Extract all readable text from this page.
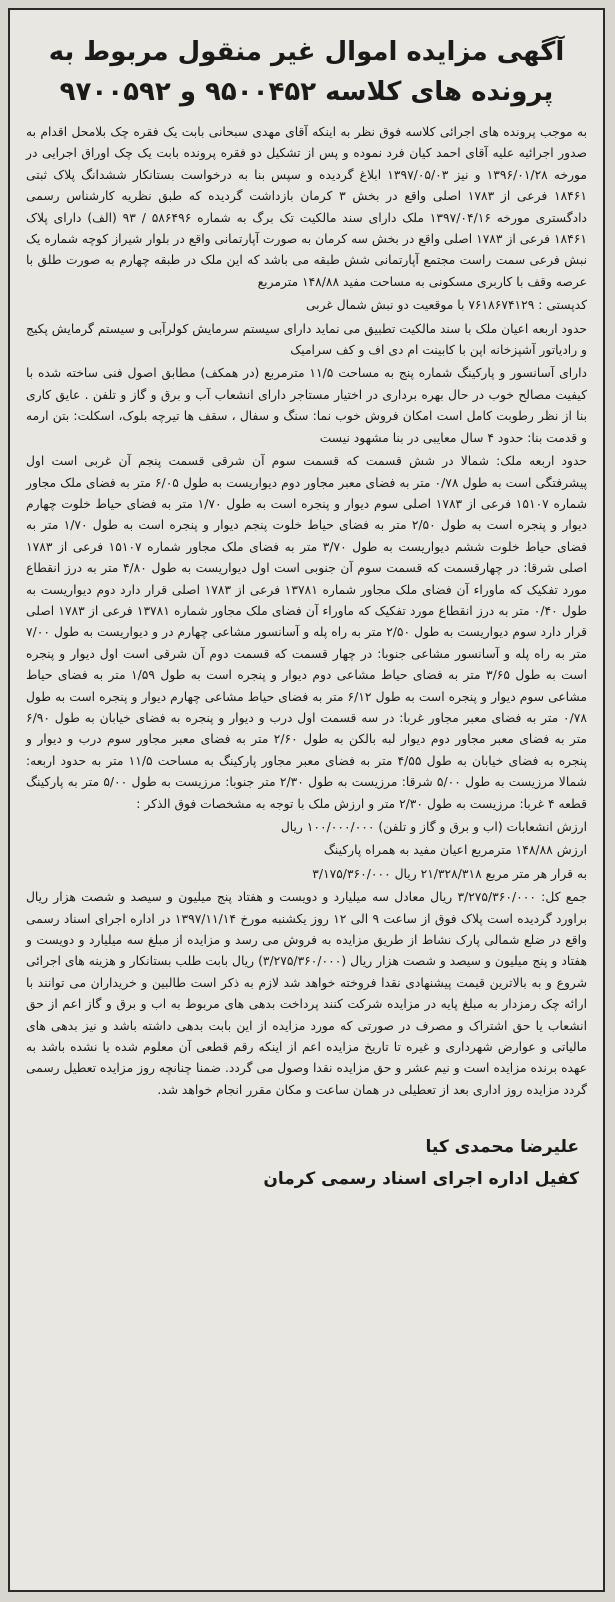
آگهی مزایده اموال غیر منقول مربوط به پرونده های کلاسه ۹۵۰۰۴۵۲ و ۹۷۰۰۵۹۲

به موجب پرونده های اجرائی کلاسه فوق نظر به اینکه آقای مهدی سبحانی بابت یک فقره چک بلامحل اقدام به صدور اجرائیه علیه آقای احمد کیان فرد نموده و پس از تشکیل دو فقره پرونده بابت یک چک اوراق اجرایی در مورخه ۱۳۹۶/۰۱/۲۸ و نیز ۱۳۹۷/۰۵/۰۳ ابلاغ گردیده و سپس بنا به درخواست بستانکار ششدانگ پلاک ثبتی ۱۸۴۶۱ فرعی از ۱۷۸۳ اصلی واقع در بخش ۳ کرمان بازداشت گردیده که طبق نظریه کارشناس رسمی دادگستری مورخه ۱۳۹۷/۰۴/۱۶ ملک دارای سند مالکیت تک برگ به شماره ۵۸۶۴۹۶ / ۹۳ (الف) دارای پلاک ۱۸۴۶۱ فرعی از ۱۷۸۳ اصلی واقع در بخش سه کرمان به صورت آپارتمانی واقع در بلوار شیراز کوچه شماره یک نبش فرعی سمت راست مجتمع آپارتمانی شش طبقه می باشد که این ملک در طبقه چهارم به صورت طلق با عرصه وقف با کاربری مسکونی به مساحت مفید ۱۴۸/۸۸ مترمربع

کدپستی : ۷۶۱۸۶۷۴۱۲۹ با موقعیت دو نبش شمال غربی

حدود اربعه اعیان ملک با سند مالکیت تطبیق می نماید دارای سیستم سرمایش کولرآبی و سیستم گرمایش پکیج و رادیاتور آشپزخانه اپن با کابینت ام دی اف و کف سرامیک

دارای آسانسور و پارکینگ شماره پنج به مساحت ۱۱/۵ مترمربع (در همکف) مطابق اصول فنی ساخته شده با کیفیت مصالح خوب در حال بهره برداری در اختیار مستاجر دارای انشعاب آب و برق و گاز و تلفن . عایق کاری بنا از نظر رطوبت کامل است امکان فروش خوب نما: سنگ و سفال ، سقف ها تیرچه بلوک، اسکلت: بتن ارمه و قدمت بنا: حدود ۴ سال معایبی در بنا مشهود نیست

حدود اربعه ملک: شمالا در شش قسمت که قسمت سوم آن شرقی قسمت پنجم آن غربی است اول پیشرفتگی است به طول ۰/۷۸ متر به فضای معبر مجاور دوم دیواریست به طول ۶/۰۵ متر به فضای ملک مجاور شماره ۱۵۱۰۷ فرعی از ۱۷۸۳ اصلی سوم دیوار و پنجره است به طول ۱/۷۰ متر به فضای حیاط خلوت چهارم دیوار و پنجره است به طول ۲/۵۰ متر به فضای حیاط خلوت پنجم دیوار و پنجره است به طول ۱/۷۰ متر به فضای حیاط خلوت ششم دیواریست به طول ۳/۷۰ متر به فضای ملک مجاور شماره ۱۵۱۰۷ فرعی از ۱۷۸۳ اصلی شرقا: در چهارقسمت که قسمت سوم آن جنوبی است اول دیواریست به طول ۴/۸۰ متر به درز انقطاع مورد تفکیک که ماوراء آن فضای ملک مجاور شماره ۱۳۷۸۱ فرعی از ۱۷۸۳ اصلی قرار دارد دوم دیواریست به طول ۰/۴۰ متر به درز انقطاع مورد تفکیک که ماوراء آن فضای ملک مجاور شماره ۱۳۷۸۱ فرعی از ۱۷۸۳ اصلی قرار دارد سوم دیواریست به طول ۲/۵۰ متر به راه پله و آسانسور مشاعی چهارم در و دیواریست به طول ۷/۰۰ متر به راه پله و آسانسور مشاعی جنوبا: در چهار قسمت که قسمت دوم آن شرقی است اول دیوار و پنجره است به طول ۳/۶۵ متر به فضای حیاط مشاعی دوم دیوار و پنجره است به طول ۱/۵۹ متر به فضای حیاط مشاعی سوم دیوار و پنجره است به طول ۶/۱۲ متر به فضای حیاط مشاعی چهارم دیوار و پنجره است به طول ۰/۷۸ متر به فضای معبر مجاور غربا: در سه قسمت اول درب و دیوار و پنجره به فضای خیابان به طول ۶/۹۰ متر به فضای معبر مجاور دوم دیوار لبه بالکن به طول ۲/۶۰ متر به فضای معبر مجاور سوم درب و دیوار و پنجره به فضای خیابان به طول ۴/۵۵ متر به فضای معبر مجاور پارکینگ به مساحت ۱۱/۵ متر به حدود اربعه: شمالا مرزیست به طول ۵/۰۰ شرقا: مرزیست به طول ۲/۳۰ متر جنوبا: مرزیست به طول ۵/۰۰ متر به پارکینگ قطعه ۴ غربا: مرزیست به طول ۲/۳۰ متر و ارزش ملک با توجه به مشخصات فوق الذکر :

ارزش انشعابات (اب و برق و گاز و تلفن) ۱۰۰/۰۰۰/۰۰۰ ریال

ارزش ۱۴۸/۸۸ مترمربع اعیان مفید به همراه پارکینگ

به قرار هر متر مربع ۲۱/۳۲۸/۳۱۸ ریال ۳/۱۷۵/۳۶۰/۰۰۰

جمع کل: ۳/۲۷۵/۳۶۰/۰۰۰ ریال معادل سه میلیارد و دویست و هفتاد پنج میلیون و سیصد و شصت هزار ریال براورد گردیده است پلاک فوق از ساعت ۹ الی ۱۲ روز یکشنبه مورخ ۱۳۹۷/۱۱/۱۴ در اداره اجرای اسناد رسمی واقع در ضلع شمالی پارک نشاط از طریق مزایده به فروش می رسد و مزایده از مبلغ سه میلیارد و دویست و هفتاد و پنج میلیون و سیصد و شصت هزار ریال (۳/۲۷۵/۳۶۰/۰۰۰) ریال بابت طلب بستانکار و هزینه های اجرائی شروع و به بالاترین قیمت پیشنهادی نقدا فروخته خواهد شد لازم به ذکر است طالبین و خریداران می توانند با ارائه چک رمزدار به مبلغ پایه در مزایده شرکت کنند پرداخت بدهی های مربوط به اب و برق و گاز اعم از حق انشعاب یا حق اشتراک و مصرف در صورتی که مورد مزایده از این بابت بدهی داشته باشد و نیز بدهی های مالیاتی و عوارض شهرداری و غیره تا تاریخ مزایده اعم از اینکه رقم قطعی آن معلوم شده یا نشده باشد به عهده برنده مزایده است و نیم عشر و حق مزایده نقدا وصول می گردد. ضمنا چنانچه روز مزایده تعطیل رسمی گردد مزایده روز اداری بعد از تعطیلی در همان ساعت و مکان مقرر انجام خواهد شد.

علیرضا محمدی کیا
کفیل اداره اجرای اسناد رسمی کرمان
